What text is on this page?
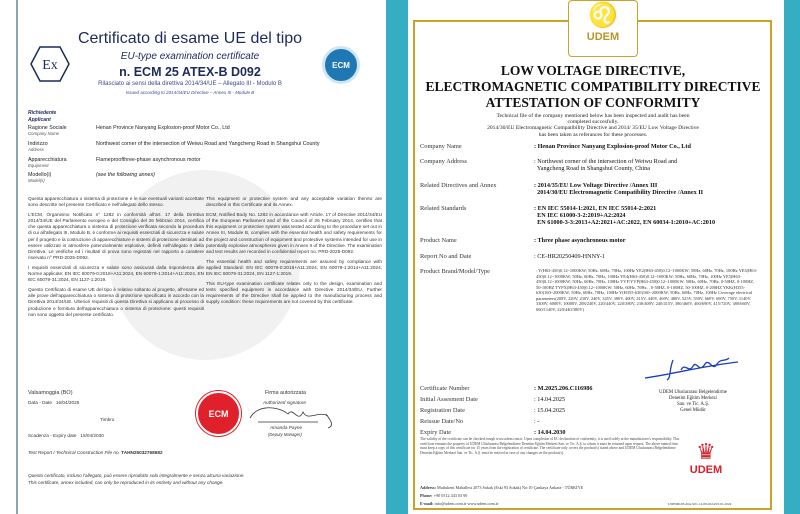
Ex	ECM
Certificato di esame UE del tipo
EU-type examination certificate
n. ECM 25 ATEX-B D092
Rilasciato ai sensi della direttiva 2014/34/UE – Allegato III - Modulo B
Issued according to 2014/34/EU Directive – Annex III - Module B
Richiedente
Applicant
Ragione Sociale
Company Name
Henan Province Nanyang Explosion-proof Motor Co., Ltd
Indirizzo
Address
Northwest corner of the intersection of Weiwu Road and Yangcheng Road in Shangshui County
Apparecchiatura
Equipment
Flameproofthree-phase asynchronous motor
Modello(i)
Model(s)
(see the following annex)

Questa apparecchiatura o sistema di protezione e le sue eventuali varianti accettate sono descritte nel presente Certificato e nell'allegato dello stesso.

L'ECM, Organismo Notificato n° 1282 in conformità all'art. 17 della Direttiva 2014/34/UE del Parlamento europeo e del Consiglio del 26 febbraio 2014, certifica che questa apparecchiatura o sistema di protezione verificata secondo la procedura di cui all'allegato III, Modulo B, è conforme ai requisiti essenziali di sicurezza e salute per il progetto e la costruzione di apparecchiature e sistemi di protezione destinati ad essere utilizzati in atmosfere potenzialmente esplosive, definiti nell'allegato II della Direttiva. Le verifiche ed i risultati di prova sono registrati nel rapporto a carattere riservato n° PRD-2025-D092.

I requisiti essenziali di sicurezza e salute sono assicurati dalla rispondenza alle Norme applicate: EN IEC 60079-0:2018+A11:2024, EN 60079-1:2014+A11:2024, EN IEC 60079-31:2024, EN 1127-1:2019.

Questo Certificato di esame UE del tipo è relativo soltanto al progetto, all'esame ed alle prove dell'apparecchiatura o sistema di protezione specificato in accordo con la Direttiva 2014/34/UE. Ulteriori requisiti di questa Direttiva si applicano al processo di produzione e fornitura dell'apparecchiatura o sistema di protezione: questi requisiti non sono oggetto del presente certificato.

This equipment or protective system and any acceptable variation thereto are described in this Certificate and its Annex.

ECM, Notified Body No. 1282 in accordance with Article. 17 of Directive 2014/34/EU of the European Parliament and of the Council of 26 February 2014, certifies that this equipment or protective system was tested according to the procedure set out in Annex III, Module B, complies with the essential health and safety requirements for the project and construction of equipment and protective systems intended for use in potentially explosive atmospheres given in Annex II of the Directive. The examination and test results are recorded in confidential report no. PRD-2025-D092.

The essential health and safety requirements are assured by compliance with applied Standard: EN IEC 60079-0:2018+A11:2024, EN 60079-1:2014+A11:2024, EN IEC 60079-31:2024, EN 1127-1:2019.

This EU-type examination certificate relates only to the design, examination and tests specified equipment in accordance with Directive 2014/34/EU. Further requirements of the Directive shall be applied to the manufacturing process and supply condition: these requirements are not covered by this certificate.

Valsamoggia (BO)
Data - Date 16/04/2025
Timbro
Scadenza - Expiry date 15/04/2030
ECM
Firma autorizzata
Authorized signature
Amanda Payne
(Deputy Manager)
Test Report / Technical Construction File no. TAHN25032768682
Questo certificato, incluso l'allegato, può essere riprodotto solo integralmente e senza alcuna variazione.
This certificate, annex included, can only be reproduced in its entirety and without any change.
♌
UDEM
LOW VOLTAGE DIRECTIVE,
ELECTROMAGNETIC COMPATIBILITY DIRECTIVE
ATTESTATION OF CONFORMITY
Technical file of the company mentioned below has been inspected and audit has been
completed succesfully.
2014/30/EU Electromagnetic Compatibility Directive and 2014/ 35/EU Low Voltage Directive
has been taken as referances for these processes.
Company Name	: Henan Province Nanyang Explosion-proof Motor Co., Ltd
Company Address	: Northwest corner of the intersection of Weiwu Road and
Yangcheng Road in Shangshui County, China
Related Directives and Annex	: 2014/35/EU Low Voltage Directive /Annex III
2014/30/EU Electromagnetic Compatibility Directive /Annex II
Related Standards	: EN IEC 55014-1:2021, EN IEC 55014-2:2021
EN IEC 61000-3-2:2019+A2:2024
EN 61000-3-3:2013+A2:2021+AC:2022, EN 60034-1:2010+AC:2010
Product Name	: Three phase asynchronous motor
Report No and Date	: CE-HR20250409-HNNY-1
Product Brand/Model/Type	: Y(H63-450)0.12~1000KW; 50Hz, 60Hz, 70Hz, 100Hz YE2(H63-450)0.12~1000KW; 50Hz, 60Hz, 70Hz, 100Hz YE3(H63-450)0.12~1000KW; 50Hz, 60Hz, 70Hz, 100Hz YE4(H63-450)0.12~1000KW; 50Hz, 60Hz, 70Hz, 100Hz YE5(H63-450)0.12~1000KW; 50Hz, 60Hz, 70Hz, 100Hz YVF/YVP(H63-450)0.12~1000KW; 50Hz, 60Hz, 70Hz, 0-50HZ, 0-100HZ, 50-100HZ TYPX(H63-450)0.12~1000KW; 50Hz, 60Hz, 70Hz, , 0-50HZ, 0-100HZ, 50-100HZ, 0-200HZ YKK(H355-630)160~2000KW; 50Hz, 60Hz, 70Hz, 100Hz Y(H355-630)160~2000KW; 50Hz, 60Hz, 70Hz, 100Hz Coverage electrical parameters(208V, 220V, 230V, 240V, 345V, 380V, 400V, 415V, 440V, 460V, 480V, 525V, 550V, 660V, 690V, 750V, 1140V, 3300V, 6000V, 10000V, 208/240V, 220/440V, 220/380V, 230/400V, 240/415V, 380/460V, 400/690V, 415/720V, 380/660V, 660/1140V, 220/440/380V)
Certificate Number	: M.2025.206.C116986
Initial Assesment Date	: 14.04.2025
Registration Date	: 15.04.2025
Reissue Date/No	: -
Expiry Date	: 14.04.2030
UDEM Uluslararası Belgelendirme
Denetim Eğitim Merkezi
San. ve Tic. A.Ş.
Genel Müdür
The validity of the certificate can be checked trough www.udem.com.tr. Upon completion of EC declaration of conformity, it is used solely at the manufacturer's responsibility. This certificate remains the property of UDEM Uluslararası Belgelendirme Denetim Eğitim Merkezi San. ve Tic. A.Ş. to whom it must be returned upon request. The above named firm must keep a copy of this certificate for 15 years from the registration of certificate. The certificate only covers the product(s) stated above and UDEM Uluslararası Belgelendirme Denetim Eğitim Merkezi San. ve Tic. A.Ş. must be noticed in case of any changes on the product(s).	♛
UDEM
Address: Mutlukent Mahallesi 2073 Sokak (Eski 93 Sokak) No:10 Çankaya Ankara - TÜRKİYE
Phone: +90 0312 443 03 90
E-mail: info@udem.com.tr www.udem.com.tr	UDEMK03-MA-S01-14.08.2024/03.01.2024
